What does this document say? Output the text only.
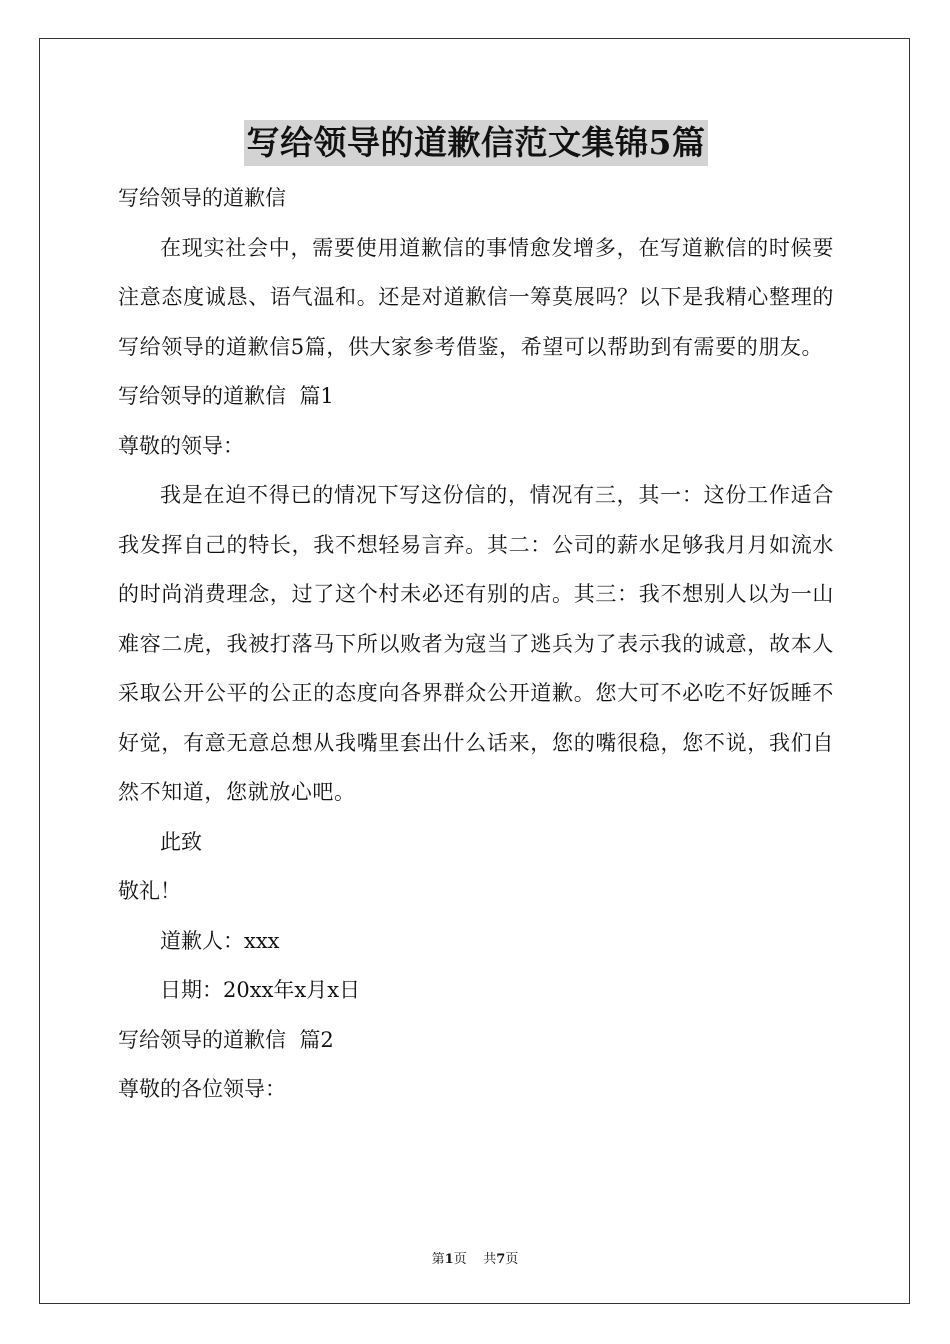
写给领导的道歉信范文集锦5篇
写给领导的道歉信
在现实社会中，需要使用道歉信的事情愈发增多，在写道歉信的时候要注意态度诚恳、语气温和。还是对道歉信一筹莫展吗？以下是我精心整理的写给领导的道歉信5篇，供大家参考借鉴，希望可以帮助到有需要的朋友。
写给领导的道歉信  篇1
尊敬的领导：
我是在迫不得已的情况下写这份信的，情况有三，其一：这份工作适合我发挥自己的特长，我不想轻易言弃。其二：公司的薪水足够我月月如流水的时尚消费理念，过了这个村未必还有别的店。其三：我不想别人以为一山难容二虎，我被打落马下所以败者为寇当了逃兵为了表示我的诚意，故本人采取公开公平的公正的态度向各界群众公开道歉。您大可不必吃不好饭睡不好觉，有意无意总想从我嘴里套出什么话来，您的嘴很稳，您不说，我们自然不知道，您就放心吧。
此致
敬礼！
道歉人：xxx
日期：20xx年x月x日
写给领导的道歉信  篇2
尊敬的各位领导：
第1页 共7页
